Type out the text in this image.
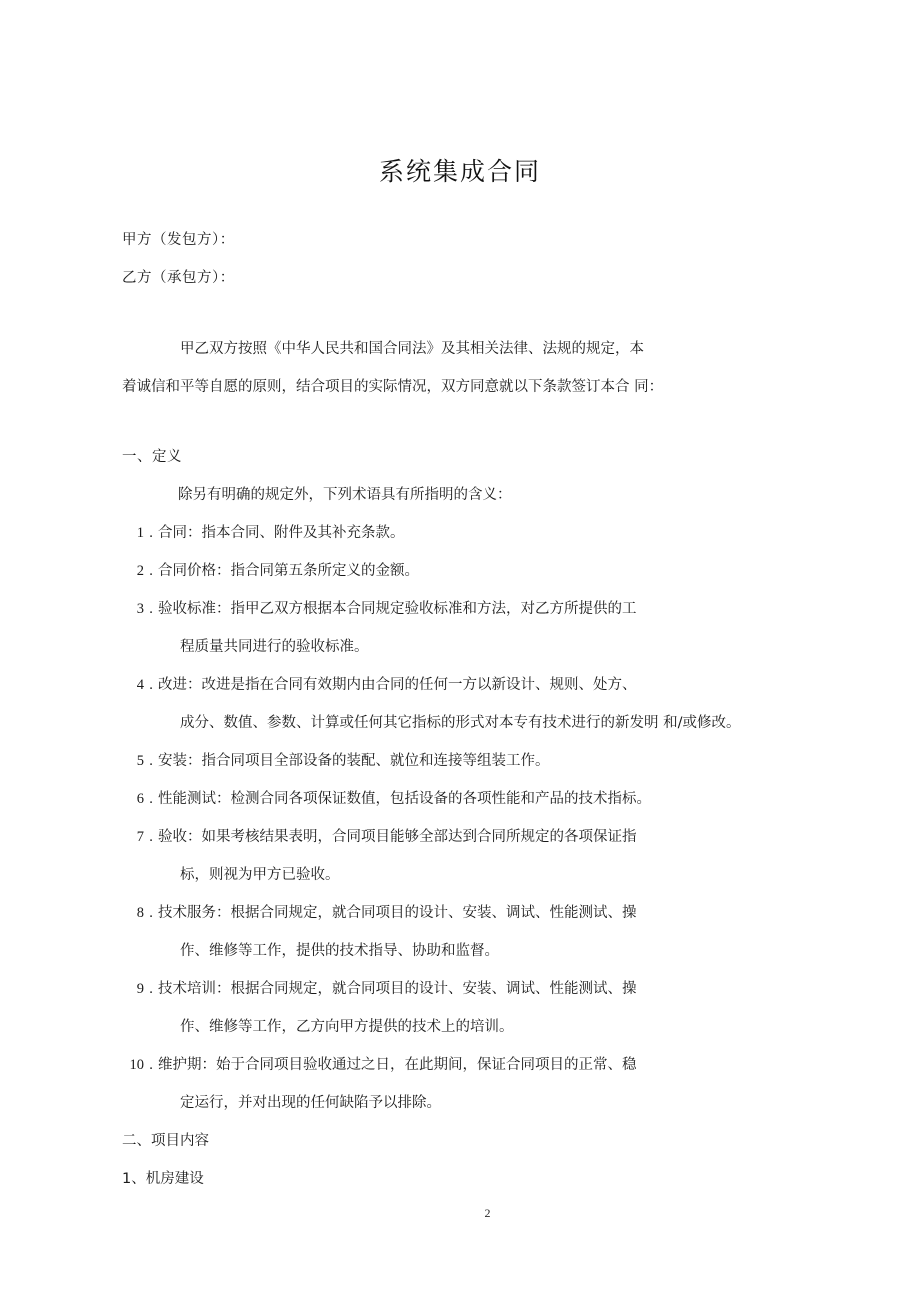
系统集成合同
甲方（发包方）： _____________________________________
乙方（承包方）： ______________________________________
甲乙双方按照《中华人民共和国合同法》及其相关法律、法规的规定，本
着诚信和平等自愿的原则，结合项目的实际情况，双方同意就以下条款签订本合 同：
一、定义
除另有明确的规定外，下列术语具有所指明的含义：
1 . 合同：指本合同、附件及其补充条款。
2 . 合同价格：指合同第五条所定义的金额。
3 . 验收标准：指甲乙双方根据本合同规定验收标准和方法，对乙方所提供的工
程质量共同进行的验收标准。
4 . 改进：改进是指在合同有效期内由合同的任何一方以新设计、规则、处方、
成分、数值、参数、计算或任何其它指标的形式对本专有技术进行的新发明 和/或修改。
5 . 安装：指合同项目全部设备的装配、就位和连接等组装工作。
6 . 性能测试：检测合同各项保证数值，包括设备的各项性能和产品的技术指标。
7 . 验收：如果考核结果表明，合同项目能够全部达到合同所规定的各项保证指
标，则视为甲方已验收。
8 . 技术服务：根据合同规定，就合同项目的设计、安装、调试、性能测试、操
作、维修等工作，提供的技术指导、协助和监督。
9 . 技术培训：根据合同规定，就合同项目的设计、安装、调试、性能测试、操
作、维修等工作，乙方向甲方提供的技术上的培训。
10 . 维护期：始于合同项目验收通过之日，在此期间，保证合同项目的正常、稳
定运行，并对出现的任何缺陷予以排除。
二、项目内容
1、机房建设
2
